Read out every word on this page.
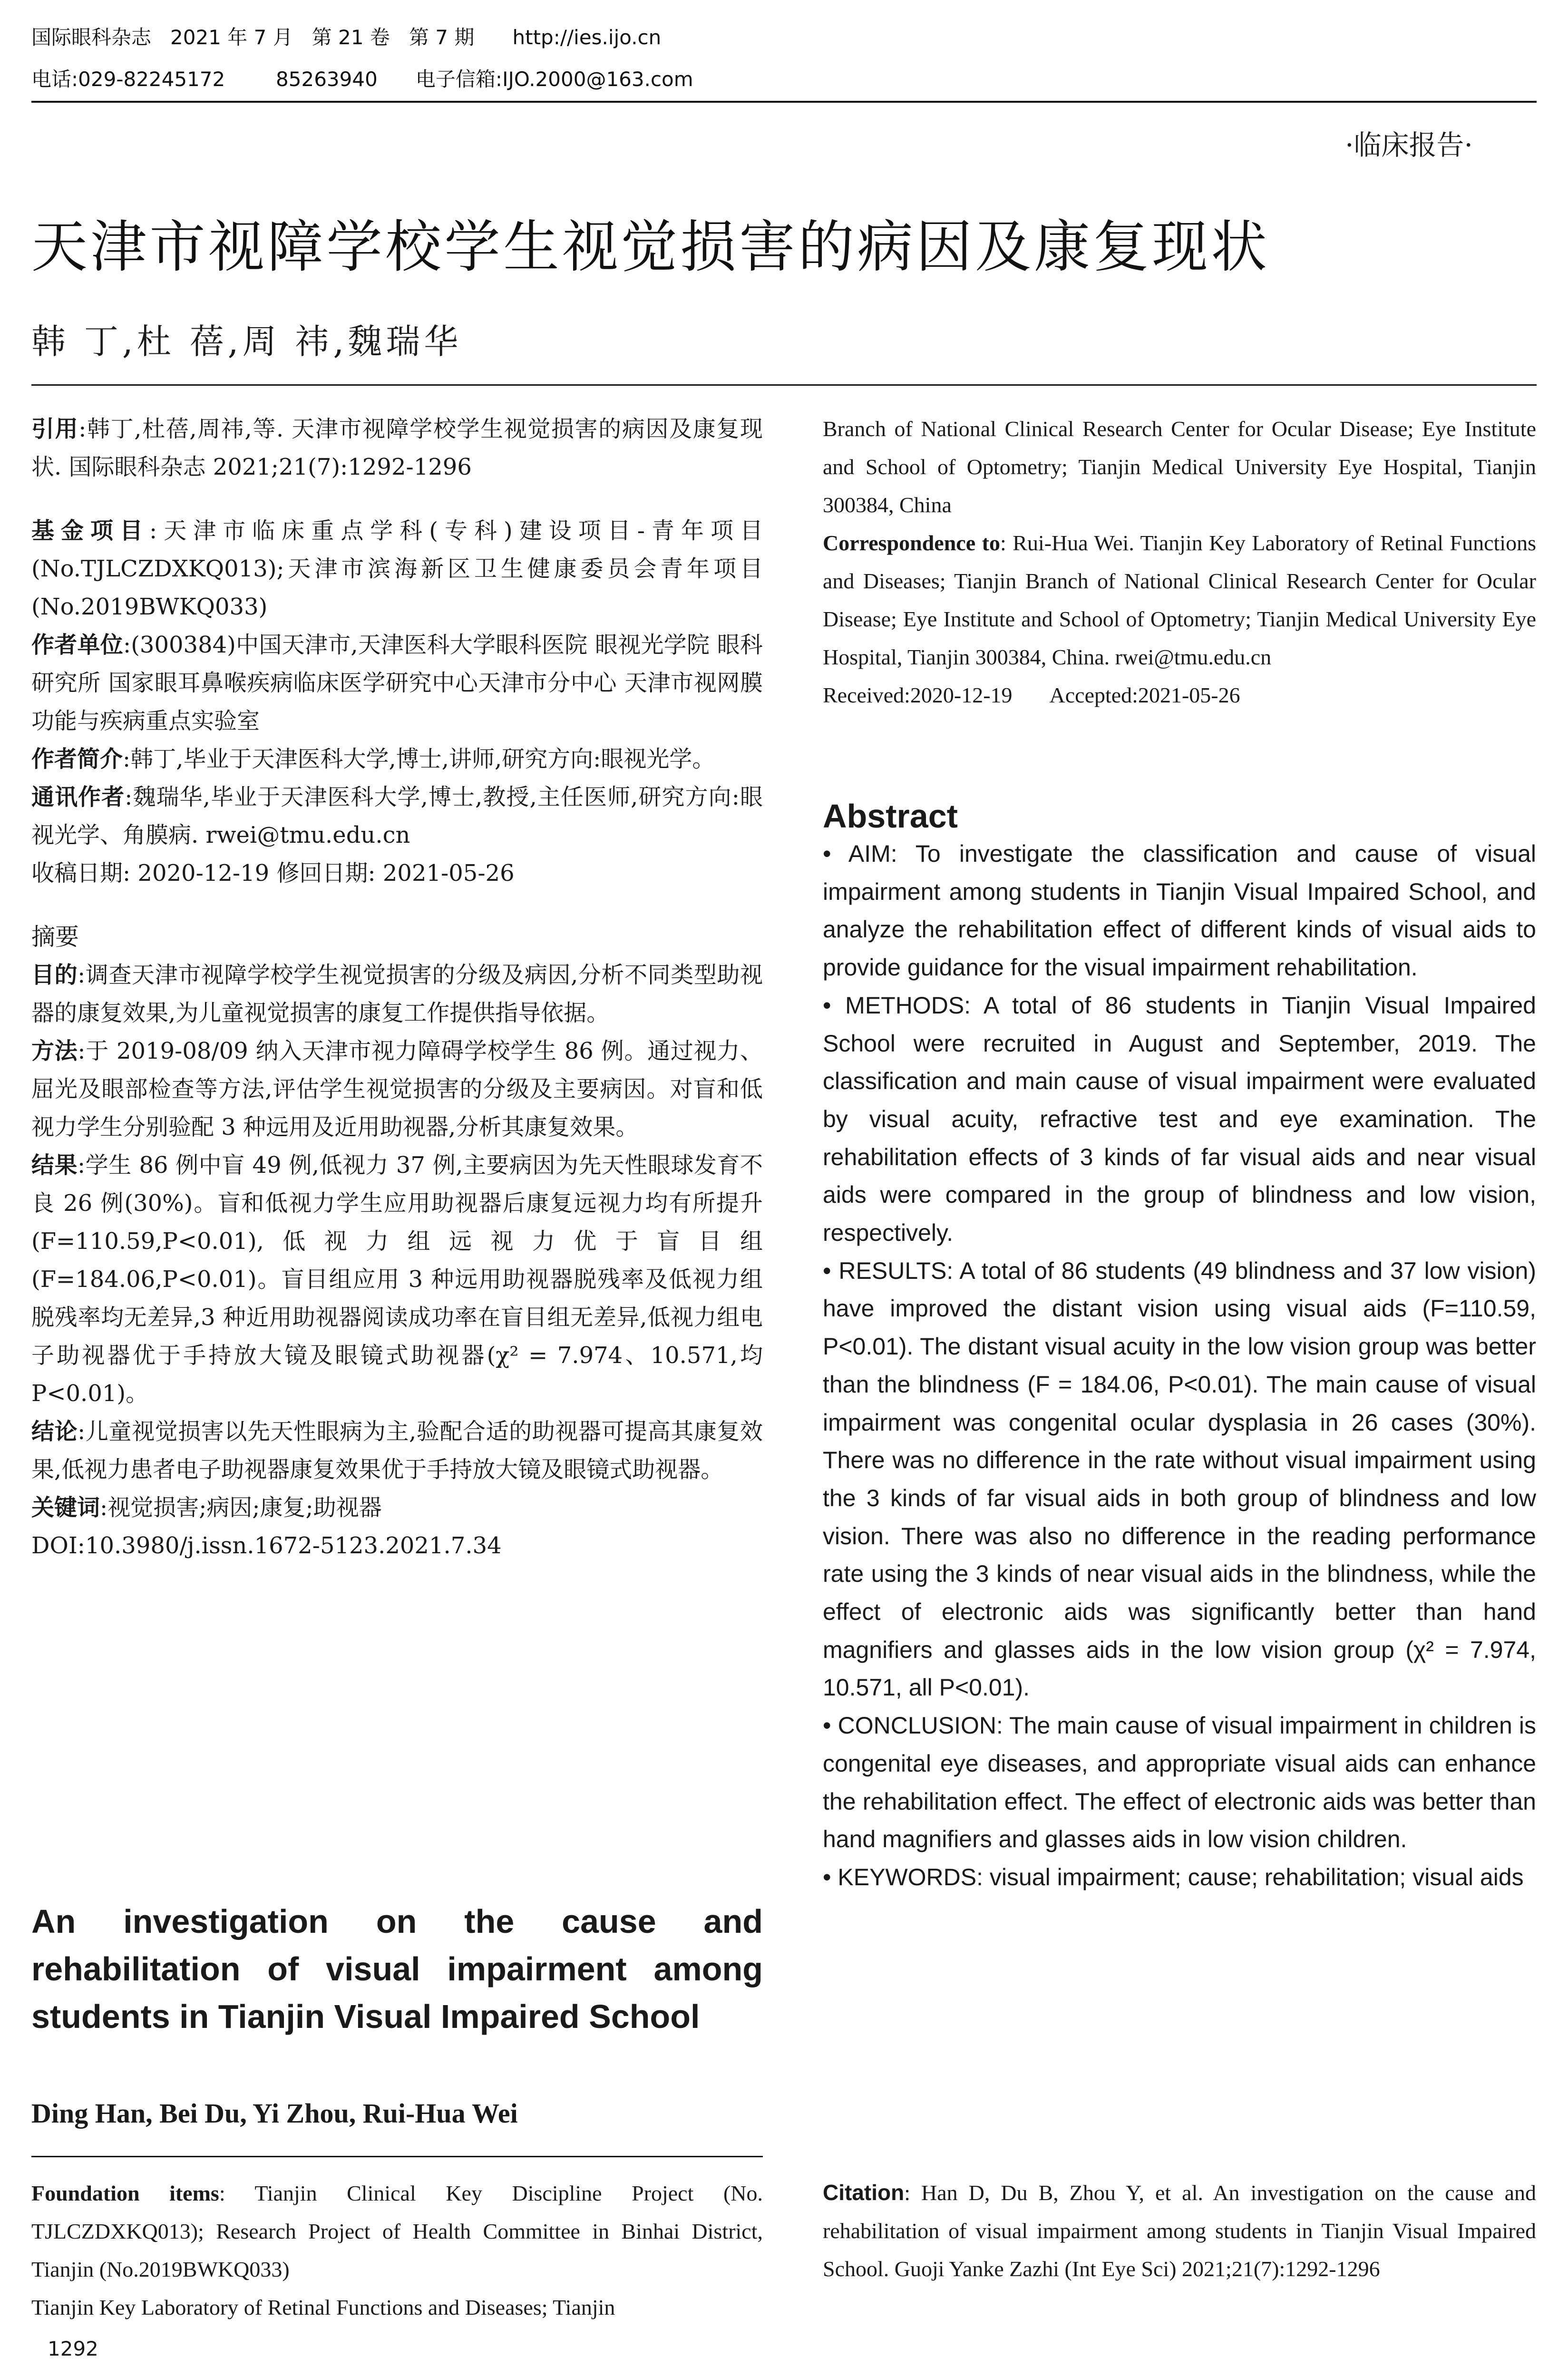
国际眼科杂志   2021 年 7 月   第 21 卷   第 7 期      http://ies.ijo.cn
电话:029-82245172        85263940      电子信箱:IJO.2000@163.com
·临床报告·
天津市视障学校学生视觉损害的病因及康复现状
韩 丁,杜 蓓,周 祎,魏瑞华

引用:韩丁,杜蓓,周祎,等. 天津市视障学校学生视觉损害的病因及康复现状. 国际眼科杂志 2021;21(7):1292-1296

基金项目:天津市临床重点学科(专科)建设项目-青年项目(No.TJLCZDXKQ013);天津市滨海新区卫生健康委员会青年项目(No.2019BWKQ033)

作者单位:(300384)中国天津市,天津医科大学眼科医院 眼视光学院 眼科研究所 国家眼耳鼻喉疾病临床医学研究中心天津市分中心 天津市视网膜功能与疾病重点实验室

作者简介:韩丁,毕业于天津医科大学,博士,讲师,研究方向:眼视光学。

通讯作者:魏瑞华,毕业于天津医科大学,博士,教授,主任医师,研究方向:眼视光学、角膜病. rwei@tmu.edu.cn

收稿日期: 2020-12-19 修回日期: 2021-05-26

摘要

目的:调查天津市视障学校学生视觉损害的分级及病因,分析不同类型助视器的康复效果,为儿童视觉损害的康复工作提供指导依据。

方法:于 2019-08/09 纳入天津市视力障碍学校学生 86 例。通过视力、屈光及眼部检查等方法,评估学生视觉损害的分级及主要病因。对盲和低视力学生分别验配 3 种远用及近用助视器,分析其康复效果。

结果:学生 86 例中盲 49 例,低视力 37 例,主要病因为先天性眼球发育不良 26 例(30%)。盲和低视力学生应用助视器后康复远视力均有所提升(F=110.59,P<0.01),低视力组远视力优于盲目组(F=184.06,P<0.01)。盲目组应用 3 种远用助视器脱残率及低视力组脱残率均无差异,3 种近用助视器阅读成功率在盲目组无差异,低视力组电子助视器优于手持放大镜及眼镜式助视器(χ² = 7.974、10.571,均 P<0.01)。

结论:儿童视觉损害以先天性眼病为主,验配合适的助视器可提高其康复效果,低视力患者电子助视器康复效果优于手持放大镜及眼镜式助视器。

关键词:视觉损害;病因;康复;助视器

DOI:10.3980/j.issn.1672-5123.2021.7.34

An investigation on the cause and rehabilitation of visual impairment among students in Tianjin Visual Impaired School

Ding Han, Bei Du, Yi Zhou, Rui-Hua Wei

Foundation items: Tianjin Clinical Key Discipline Project (No. TJLCZDXKQ013); Research Project of Health Committee in Binhai District, Tianjin (No.2019BWKQ033)

Tianjin Key Laboratory of Retinal Functions and Diseases; Tianjin

Branch of National Clinical Research Center for Ocular Disease; Eye Institute and School of Optometry; Tianjin Medical University Eye Hospital, Tianjin 300384, China

Correspondence to: Rui-Hua Wei. Tianjin Key Laboratory of Retinal Functions and Diseases; Tianjin Branch of National Clinical Research Center for Ocular Disease; Eye Institute and School of Optometry; Tianjin Medical University Eye Hospital, Tianjin 300384, China. rwei@tmu.edu.cn

Received:2020-12-19       Accepted:2021-05-26

Abstract

• AIM: To investigate the classification and cause of visual impairment among students in Tianjin Visual Impaired School, and analyze the rehabilitation effect of different kinds of visual aids to provide guidance for the visual impairment rehabilitation.

• METHODS: A total of 86 students in Tianjin Visual Impaired School were recruited in August and September, 2019. The classification and main cause of visual impairment were evaluated by visual acuity, refractive test and eye examination. The rehabilitation effects of 3 kinds of far visual aids and near visual aids were compared in the group of blindness and low vision, respectively.

• RESULTS: A total of 86 students (49 blindness and 37 low vision) have improved the distant vision using visual aids (F=110.59, P<0.01). The distant visual acuity in the low vision group was better than the blindness (F = 184.06, P<0.01). The main cause of visual impairment was congenital ocular dysplasia in 26 cases (30%). There was no difference in the rate without visual impairment using the 3 kinds of far visual aids in both group of blindness and low vision. There was also no difference in the reading performance rate using the 3 kinds of near visual aids in the blindness, while the effect of electronic aids was significantly better than hand magnifiers and glasses aids in the low vision group (χ² = 7.974, 10.571, all P<0.01).

• CONCLUSION: The main cause of visual impairment in children is congenital eye diseases, and appropriate visual aids can enhance the rehabilitation effect. The effect of electronic aids was better than hand magnifiers and glasses aids in low vision children.

• KEYWORDS: visual impairment; cause; rehabilitation; visual aids

Citation: Han D, Du B, Zhou Y, et al. An investigation on the cause and rehabilitation of visual impairment among students in Tianjin Visual Impaired School. Guoji Yanke Zazhi (Int Eye Sci) 2021;21(7):1292-1296

1292
